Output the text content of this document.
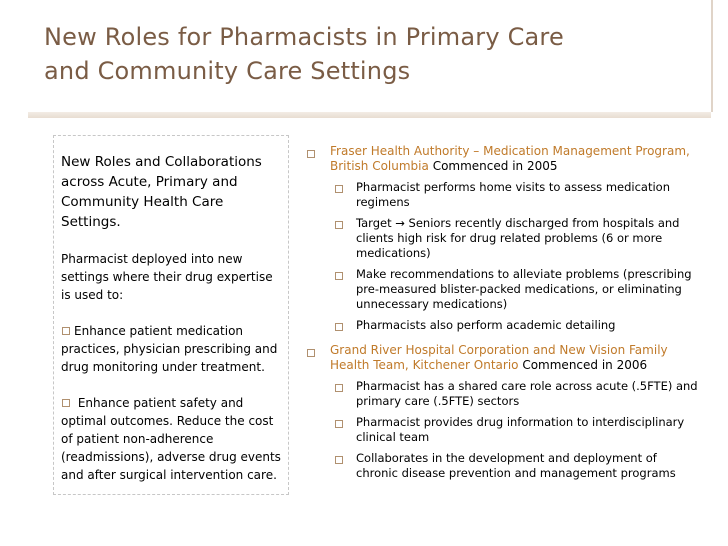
New Roles for Pharmacists in Primary Care
and Community Care Settings
New Roles and Collaborations across Acute, Primary and Community Health Care Settings.
Pharmacist deployed into new settings where their drug expertise is used to:
Enhance patient medication practices, physician prescribing and drug monitoring under treatment.
Enhance patient safety and optimal outcomes. Reduce the cost of patient non-adherence (readmissions), adverse drug events and after surgical intervention care.
Fraser Health Authority – Medication Management Program, British Columbia Commenced in 2005
Pharmacist performs home visits to assess medication regimens
Target → Seniors recently discharged from hospitals and clients high risk for drug related problems (6 or more medications)
Make recommendations to alleviate problems (prescribing pre-measured blister-packed medications, or eliminating unnecessary medications)
Pharmacists also perform academic detailing
Grand River Hospital Corporation and New Vision Family Health Team, Kitchener Ontario Commenced in 2006
Pharmacist has a shared care role across acute (.5FTE) and primary care (.5FTE) sectors
Pharmacist provides drug information to interdisciplinary clinical team
Collaborates in the development and deployment of chronic disease prevention and management programs
